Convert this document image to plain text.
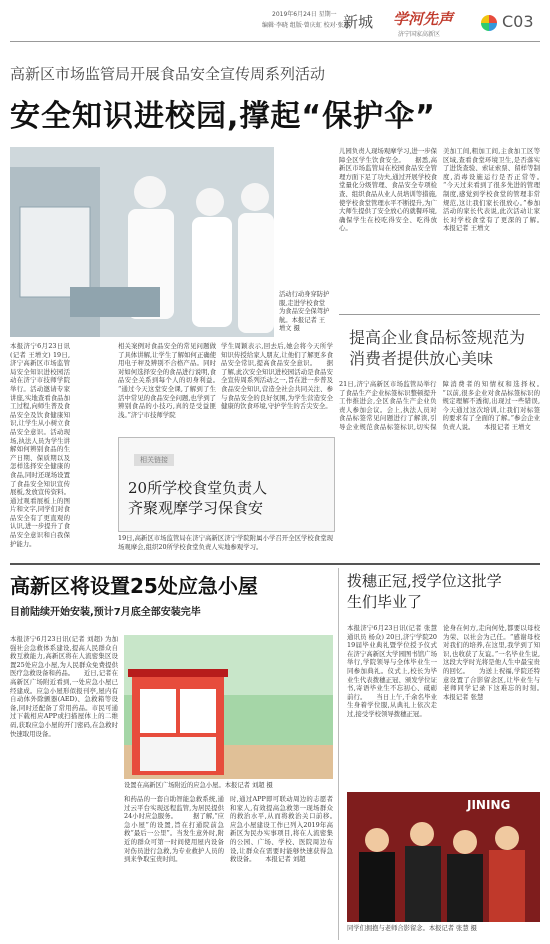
2019年6月24日 星期一
编辑·李晓 组版·曾庆虹 校对·张慧
新城 学河先声
济宁国家高新区
C03
高新区市场监管局开展食品安全宣传周系列活动
安全知识进校园,撑起“保护伞”
活动行动身穿防护服,走进学校食堂为食品安全保驾护航。本报记者 王增文 摄
本报济宁6月23日讯(记者 王增文) 19日,济宁高新区市场监管局安全知识进校园活动在济宁市技师学院举行。活动邀请专家讲座,实地查看食品加工过程,向师生普及食品安全及饮食健康知识,让学生从小树立食品安全意识。活动现场,执法人员为学生讲解如何辨别食品的生产日期、保质期以及怎样选择安全健康的食品,同时还现场设置了食品安全知识宣传展板,发放宣传资料。通过观看展板上的图片和文字,同学们对食品安全有了更直观的认识,进一步提升了食品安全意识和自我保护能力。
相关案例对食品安全的常见问题做了具体讲解,让学生了解如何正确使用电子秤及辨别不合格产品。同时对如何选择安全的食品进行说明,食品安全关系到每个人的切身利益。　　“通过今天这堂安全课,了解到了生活中常见的食品安全问题,也学到了辨别食品的小技巧,真的是受益匪浅。”济宁市技师学院
学生周颖表示,回去后,她会将今天所学知识传授给家人朋友,让他们了解更多食品安全常识,提高食品安全意识。　　据了解,此次安全知识进校园活动是食品安全宣传周系列活动之一,旨在进一步普及食品安全知识,营造全社会共同关注、参与食品安全的良好氛围,为学生营造安全健康的饮食环境,守护学生的舌尖安全。
儿园负责人现场观摩学习,进一步保障全区学生饮食安全。　　据悉,高新区市场监管局在校园食品安全管理方面下足了功夫,通过开展学校食堂量化分级管理、食品安全专项检查、组织食品从业人员培训等措施,使学校食堂管理水平不断提升,为广大师生提供了安全放心的就餐环境,确保学生在校吃得安全、吃得放心。
美加工间,粗加工间,主食加工区等区域,查看食堂环境卫生,是否落实了进货查验、索证索票、留样等制度,消毒设施运行是否正常等。　　“今天过来看到了很多先进的管理制度,感觉到学校食堂的管理非常规范,这让我们家长很放心。”参加活动的家长代表说,此次活动让家长对学校食堂有了更深的了解。　　本报记者 王增文
相关链接
20所学校食堂负责人齐聚观摩学习保食安
19日,高新区市场监管局在济宁高新区济宁学院附属小学召开全区学校食堂现场观摩会,组织20所学校食堂负责人实地参观学习。
提高企业食品标签规范为消费者提供放心美味
21日,济宁高新区市场监管局举行了食品生产企业标签标识整顿提升工作推进会,全区食品生产企业负责人参加会议。会上,执法人员对食品标签常见问题进行了解读,引导企业规范食品标签标识,切实保障消费者的知情权和选择权。　　“以前,很多企业对食品标签标识的规定理解不透彻,出现过一些错误,今天通过这次培训,让我们对标签的要求有了全面的了解。”参会企业负责人说。　　本报记者 王增文
高新区将设置25处应急小屋
目前陆续开始安装,预计7月底全部安装完毕
本报济宁6月23日讯(记者 刘超) 为加强社会急救体系建设,提高人民群众自救互救能力,高新区将在人流密集区设置25处应急小屋,为人民群众免费提供医疗急救设备和药品。　　近日,记者在高新区广场附近看到,一处应急小屋已经建成。应急小屋形似报刊亭,屋内有自动体外除颤器(AED)、急救箱等设备,同时还配备了常用药品。市民可通过下载相应APP或扫描屋体上的二维码,获取应急小屋的开门密码,在急救时快速取用设备。
设置在高新区广场附近的应急小屋。本报记者 刘超 摄
和药品的一套自助智能急救系统,通过云平台实现远程监管,为居民提供24小时应急服务。　　　据了解,“应急小屋”的设置,旨在打通院前急救“最后一公里”。当发生意外时,附近的群众可第一时间使用屋内设备对伤员进行急救,为专业救护人员的到来争取宝贵时间。
时,通过APP即可联动周边的志愿者和家人,有效提高急救第一现场群众的救治水平,从而将救治关口前移。　　应急小屋建设工作已列入2019年高新区为民办实事项目,将在人流密集的公园、广场、学校、医院周边布设,让群众在需要时能够快速获得急救设备。　　本报记者 刘超
拨穗正冠,授学位这批学生们毕业了
本报济宁6月23日讯(记者 张慧 通讯员 杨众) 20日,济宁学院2019届毕业典礼暨学位授予仪式在济宁高新区大学园图书馆广场举行,学院领导与全体毕业生一同参加典礼。仪式上,校长为毕业生代表拨穗正冠、颁发学位证书,寄语毕业生不忘初心、砥砺前行。　　当日上午,千余名毕业生身着学位服,从典礼上依次走过,接受学校领导拨穗正冠。
论身在何方,走向何处,都要以母校为荣、以社会为己任。“感谢母校对我们的培养,在这里,我学到了知识,也收获了友谊。”一名毕业生说,这段大学时光将是他人生中最宝贵的回忆。　　为送上祝福,学院还特意设置了合影留念区,让毕业生与老师同学记录下这难忘的时刻。　　本报记者 张慧
JINING
同学们拥抱与老师合影留念。本报记者 张慧 摄
